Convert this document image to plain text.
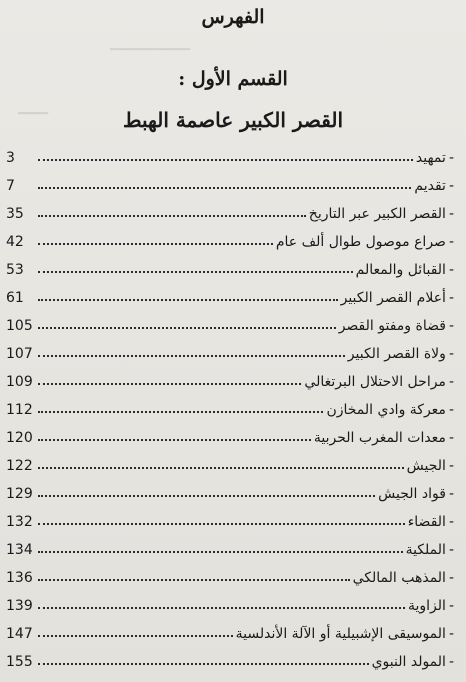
▁▁▁▁▁▁▁▁
▁▁▁
الفهرس
القسم الأول :
القصر الكبير عاصمة الهبط
-
تمهيد
3
-
تقديم
7
-
القصر الكبير عبر التاريخ
35
-
صراع موصول طوال ألف عام
42
-
القبائل والمعالم
53
-
أعلام القصر الكبير
61
-
قضاة ومفتو القصر
105
-
ولاة القصر الكبير
107
-
مراحل الاحتلال البرتغالي
109
-
معركة وادي المخازن
112
-
معدات المغرب الحربية
120
-
الجيش
122
-
قواد الجيش
129
-
القضاء
132
-
الملكية
134
-
المذهب المالكي
136
-
الزاوية
139
-
الموسيقى الإشبيلية أو الآلة الأندلسية
147
-
المولد النبوي
155
